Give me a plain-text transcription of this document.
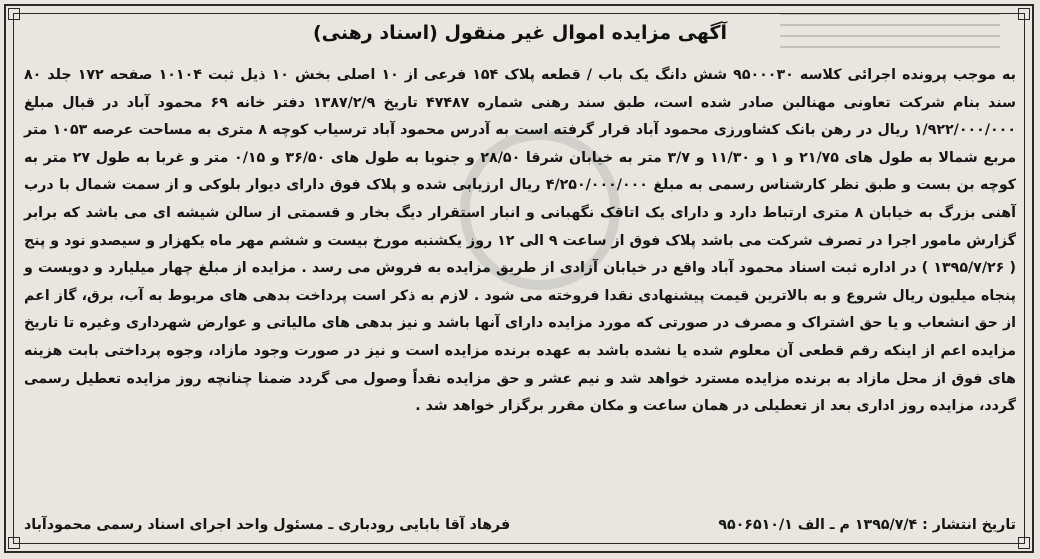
آگهی مزایده اموال غیر منقول (اسناد رهنی)
به موجب پرونده اجرائی کلاسه ۹۵۰۰۰۳۰ شش دانگ یک باب / قطعه پلاک ۱۵۴ فرعی از ۱۰ اصلی بخش ۱۰ ذیل ثبت ۱۰۱۰۴ صفحه ۱۷۲ جلد ۸۰ سند بنام شرکت تعاونی مهنالبن صادر شده است، طبق سند رهنی شماره ۴۷۴۸۷ تاریخ ۱۳۸۷/۲/۹ دفتر خانه ۶۹ محمود آباد در قبال مبلغ ۱/۹۲۲/۰۰۰/۰۰۰ ریال در رهن بانک کشاورزی محمود آباد قرار گرفته است به آدرس محمود آباد ترسیاب کوچه ۸ متری به مساحت عرصه ۱۰۵۳ متر مربع شمالا به طول های ۲۱/۷۵ و ۱ و ۱۱/۳۰ و ۳/۷ متر به خیابان شرقا ۲۸/۵۰ و جنوبا به طول های ۳۶/۵۰ و ۰/۱۵ متر و غربا به طول ۲۷ متر به کوچه بن بست و طبق نظر کارشناس رسمی به مبلغ ۴/۲۵۰/۰۰۰/۰۰۰ ریال ارزیابی شده و پلاک فوق دارای دیوار بلوکی و از سمت شمال با درب آهنی بزرگ به خیابان ۸ متری ارتباط دارد و دارای یک اتاقک نگهبانی و انبار استقرار دیگ بخار و قسمتی از سالن شیشه ای می باشد که برابر گزارش مامور اجرا در تصرف شرکت می باشد پلاک فوق از ساعت ۹ الی ۱۲ روز یکشنبه مورخ بیست و ششم مهر ماه یکهزار و سیصدو نود و پنج ( ۱۳۹۵/۷/۲۶ ) در اداره ثبت اسناد محمود آباد واقع در خیابان آزادی از طریق مزایده به فروش می رسد . مزایده از مبلغ چهار میلیارد و دویست و پنجاه میلیون ریال شروع و به بالاترین قیمت پیشنهادی نقدا فروخته می شود . لازم به ذکر است پرداخت بدهی های مربوط به آب، برق، گاز اعم از حق انشعاب و یا حق اشتراک و مصرف در صورتی که مورد مزایده دارای آنها باشد و نیز بدهی های مالیاتی و عوارض شهرداری وغیره تا تاریخ مزایده اعم از اینکه رقم قطعی آن معلوم شده یا نشده باشد به عهده برنده مزایده است و نیز در صورت وجود مازاد، وجوه پرداختی بابت هزینه های فوق از محل مازاد به برنده مزایده مسترد خواهد شد و نیم عشر و حق مزایده نقداً وصول می گردد ضمنا چنانچه روز مزایده تعطیل رسمی گردد، مزایده روز اداری بعد از تعطیلی در همان ساعت و مکان مقرر برگزار خواهد شد .
تاریخ انتشار : ۱۳۹۵/۷/۴ م ـ الف ۹۵۰۶۵۱۰/۱
فرهاد آقا بابایی رودباری ـ مسئول واحد اجرای اسناد رسمی محمودآباد
